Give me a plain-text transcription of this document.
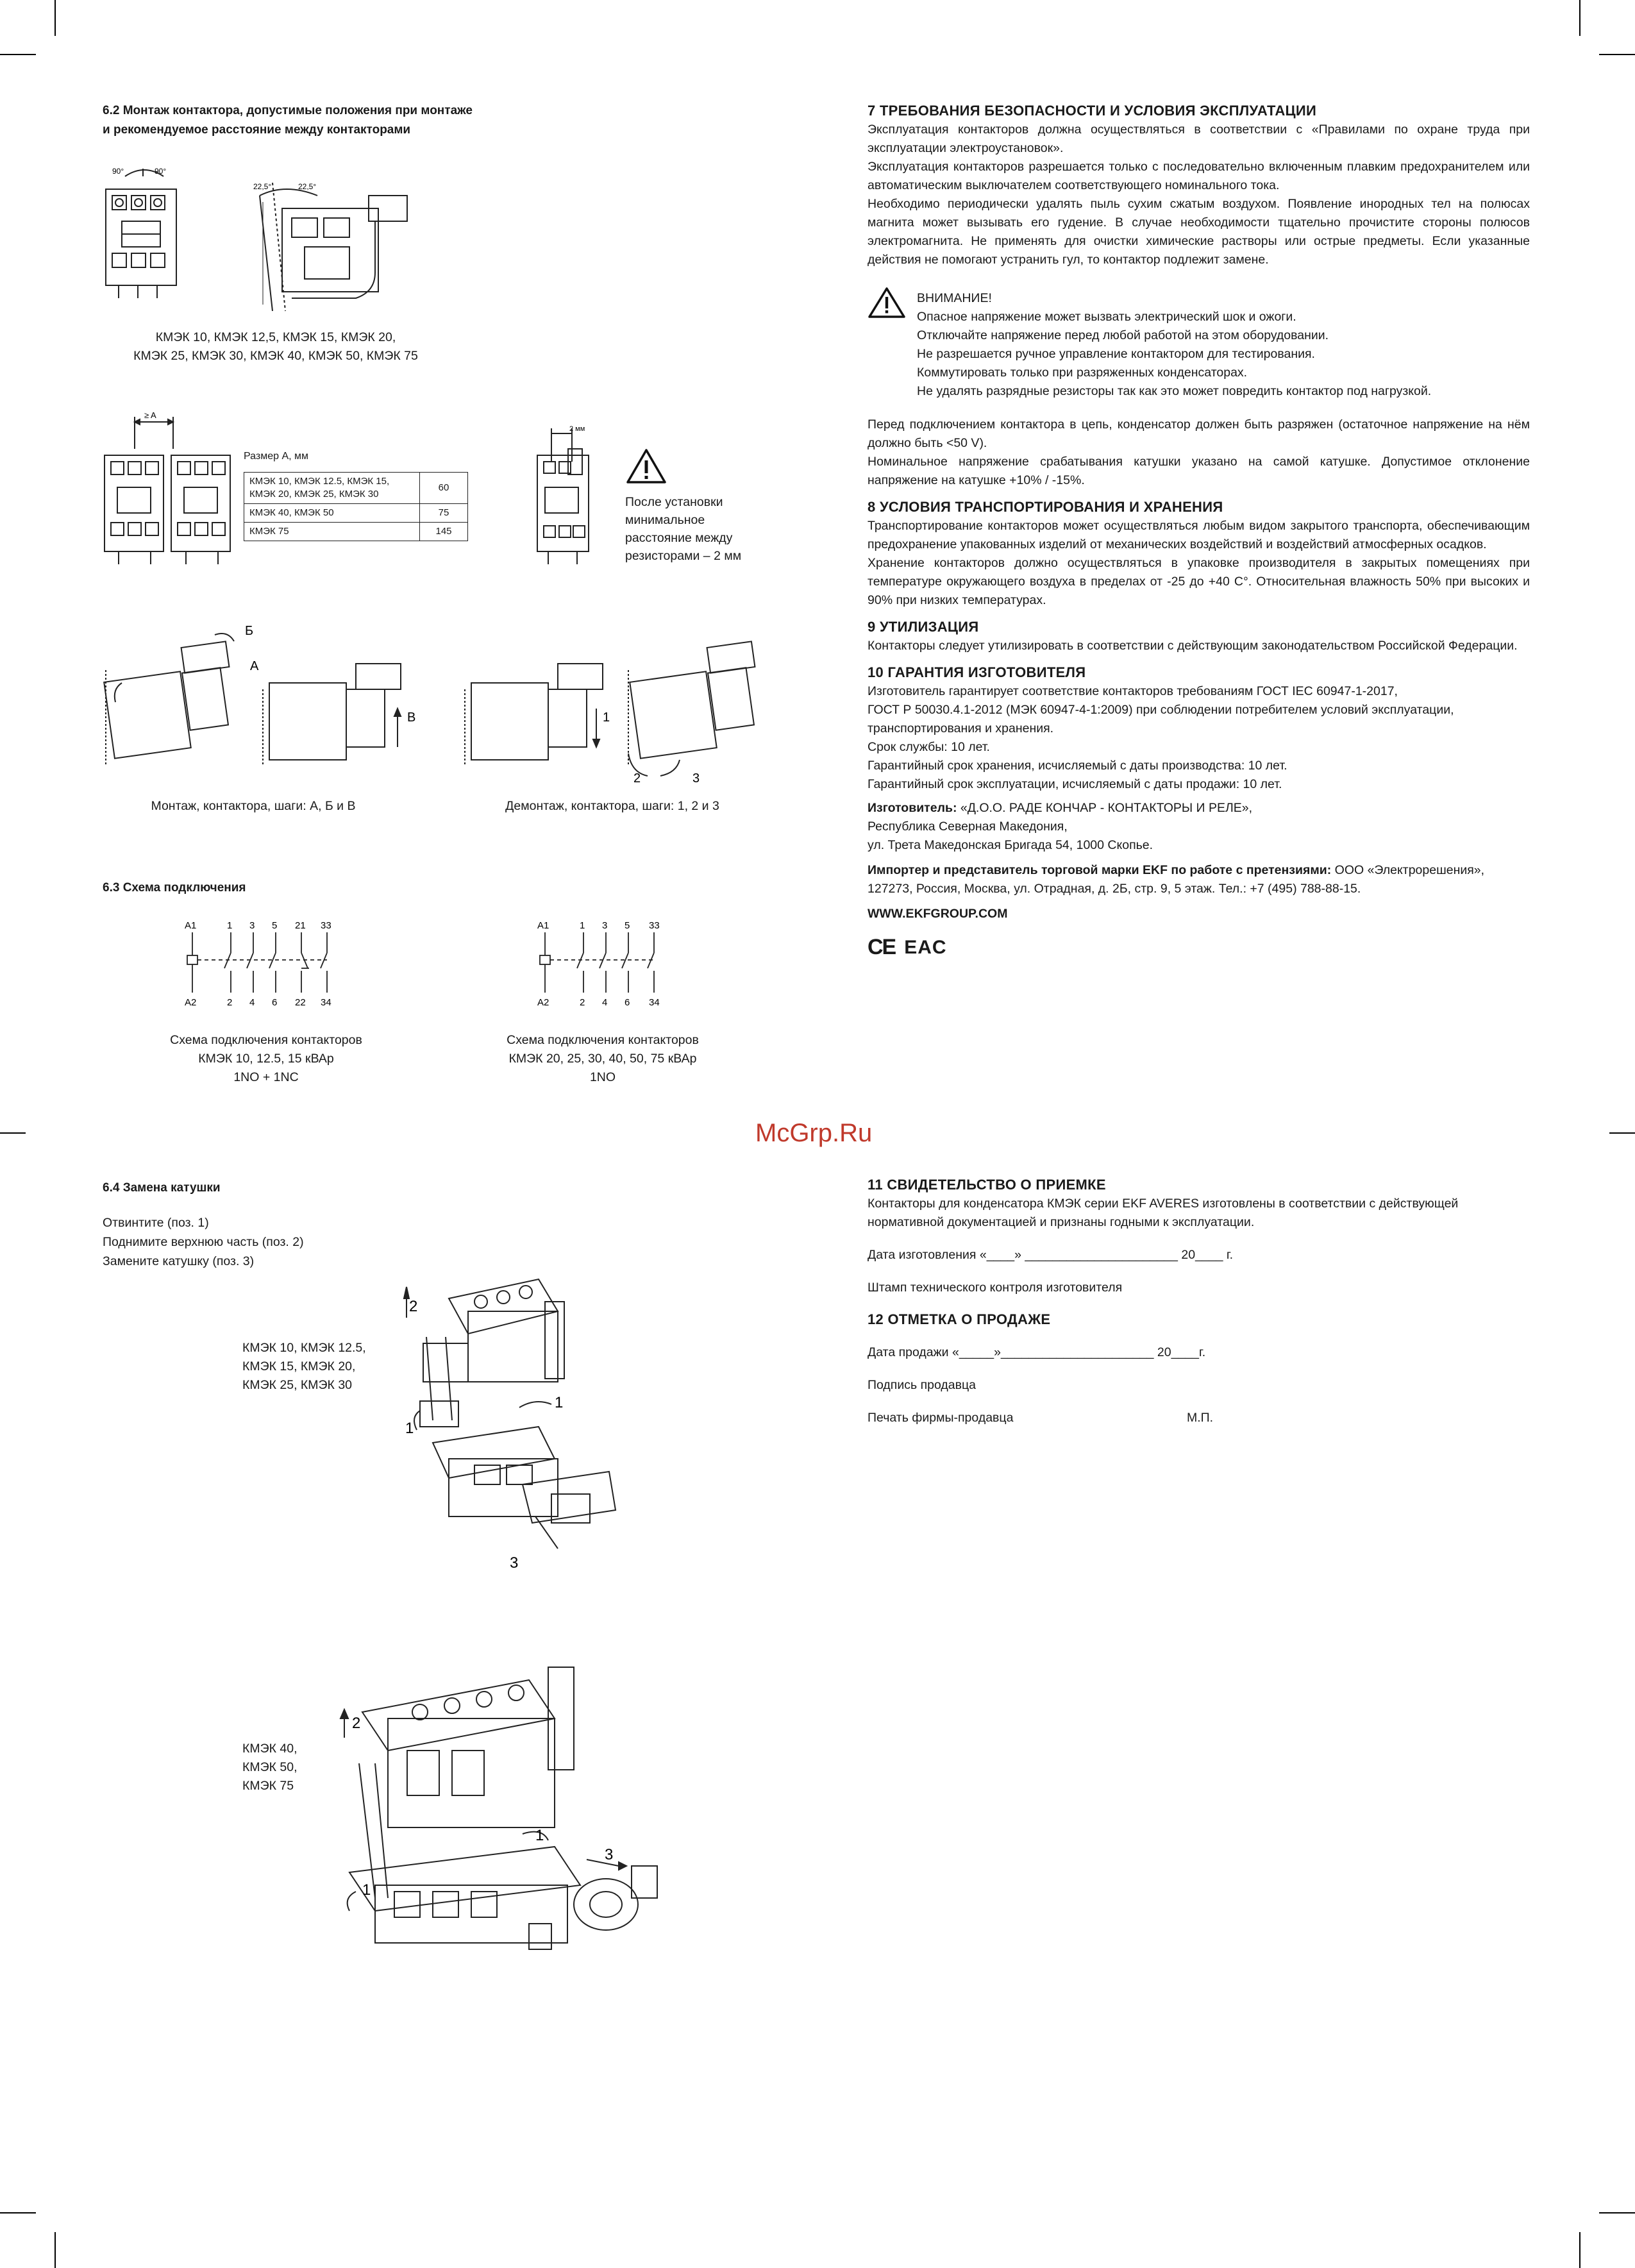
6.2 Монтаж контактора, допустимые положения при монтаже
и рекомендуемое расстояние между контакторами
90°	90°
22,5°	22,5°
КМЭК 10, КМЭК 12,5, КМЭК 15, КМЭК 20,
КМЭК 25, КМЭК 30, КМЭК 40, КМЭК 50, КМЭК 75
≥ A
Размер А, мм
КМЭК 10, КМЭК 12.5, КМЭК 15, КМЭК 20, КМЭК 25, КМЭК 30	60
КМЭК 40, КМЭК 50	75
КМЭК 75	145
2 мм
После установки
минимальное
расстояние между
резисторами – 2 мм
Б
А
В	1
2	3
Монтаж, контактора, шаги: А, Б и В	Демонтаж, контактора, шаги: 1, 2 и 3
6.3 Схема подключения
A1	1 3 5 21 33
A2	2 4 6 22 34
A1	1 3 5 33
A2	2 4 6 34
Схема подключения контакторов
КМЭК 10, 12.5, 15 кВАр
1NO + 1NC
Схема подключения контакторов
КМЭК 20, 25, 30, 40, 50, 75 кВАр
1NO
McGrp.Ru
6.4 Замена катушки
Отвинтите (поз. 1)
Поднимите верхнюю часть (поз. 2)
Замените катушку (поз. 3)
КМЭК 10, КМЭК 12.5,
КМЭК 15, КМЭК 20,
КМЭК 25, КМЭК 30
2
1
1
3
КМЭК 40,
КМЭК 50,
КМЭК 75
2
1
1
3
7 ТРЕБОВАНИЯ БЕЗОПАСНОСТИ И УСЛОВИЯ ЭКСПЛУАТАЦИИ

Эксплуатация контакторов должна осуществляться в соответствии с «Правилами по охране труда при эксплуатации электроустановок».

Эксплуатация контакторов разрешается только с последовательно включенным плавким предохранителем или автоматическим выключателем соответствующего номинального тока.

Необходимо периодически удалять пыль сухим сжатым воздухом. Появление инородных тел на полюсах магнита может вызывать его гудение. В случае необходимости тщательно прочистите стороны полюсов электромагнита. Не применять для очистки химические растворы или острые предметы. Если указанные действия не помогают устранить гул, то контактор подлежит замене.

ВНИМАНИЕ!
Опасное напряжение может вызвать электрический шок и ожоги.
Отключайте напряжение перед любой работой на этом оборудовании.
Не разрешается ручное управление контактором для тестирования.
Коммутировать только при разряженных конденсаторах.
Не удалять разрядные резисторы так как это может повредить контактор под нагрузкой.

Перед подключением контактора в цепь, конденсатор должен быть разряжен (остаточное напряжение на нём должно быть <50 V).

Номинальное напряжение срабатывания катушки указано на самой катушке. Допустимое отклонение напряжение на катушке +10% / -15%.

8 УСЛОВИЯ ТРАНСПОРТИРОВАНИЯ И ХРАНЕНИЯ

Транспортирование контакторов может осуществляться любым видом закрытого транспорта, обеспечивающим предохранение упакованных изделий от механических воздействий и воздействий атмосферных осадков.

Хранение контакторов должно осуществляться в упаковке производителя в закрытых помещениях при температуре окружающего воздуха в пределах от -25 до +40 С°. Относительная влажность 50% при высоких и 90% при низких температурах.

9 УТИЛИЗАЦИЯ

Контакторы следует утилизировать в соответствии с действующим законодательством Российской Федерации.

10 ГАРАНТИЯ ИЗГОТОВИТЕЛЯ
Изготовитель гарантирует соответствие контакторов требованиям ГОСТ IEC 60947-1-2017,
ГОСТ Р 50030.4.1-2012 (МЭК 60947-4-1:2009) при соблюдении потребителем условий эксплуатации, транспортирования и хранения.
Срок службы: 10 лет.
Гарантийный срок хранения, исчисляемый с даты производства: 10 лет.
Гарантийный срок эксплуатации, исчисляемый с даты продажи: 10 лет.
Изготовитель: «Д.О.О. РАДЕ КОНЧАР - КОНТАКТОРЫ И РЕЛЕ»,
Республика Северная Македония,
ул. Трета Македонская Бригада 54, 1000 Скопье.
Импортер и представитель торговой марки EKF по работе с претензиями: ООО «Электрорешения», 127273, Россия, Москва, ул. Отрадная, д. 2Б, стр. 9, 5 этаж. Тел.: +7 (495) 788-88-15.
WWW.EKFGROUP.COM
CE EAC
11 СВИДЕТЕЛЬСТВО О ПРИЕМКЕ
Контакторы для конденсатора КМЭК серии EKF AVERES изготовлены в соответствии с действующей нормативной документацией и признаны годными к эксплуатации.
Дата изготовления «____» ______________________ 20____ г.
Штамп технического контроля изготовителя
12 ОТМЕТКА О ПРОДАЖЕ
Дата продажи «_____»______________________ 20____г.
Подпись продавца
Печать фирмы-продавца	М.П.
